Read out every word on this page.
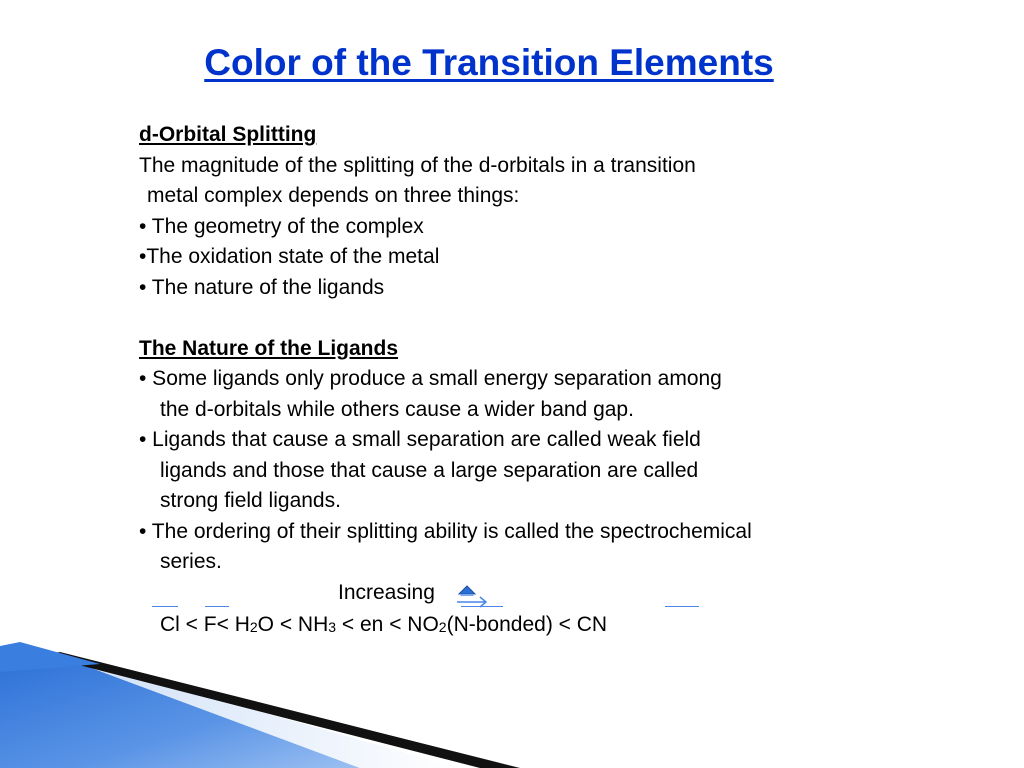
Color of the Transition Elements
d-Orbital Splitting
The magnitude of the splitting of the d-orbitals in a transition
metal complex depends on three things:
• The geometry of the complex
•The oxidation state of the metal
• The nature of the ligands
The Nature of the Ligands
• Some ligands only produce a small energy separation among
the d-orbitals while others cause a wider band gap.
• Ligands that cause a small separation are called weak field
ligands and those that cause a large separation are called
strong field ligands.
• The ordering of their splitting ability is called the spectrochemical
series.
Increasing
$Cl < F< H_2O < NH_3$ < en < $NO_2(N-bonded)$ < CN
